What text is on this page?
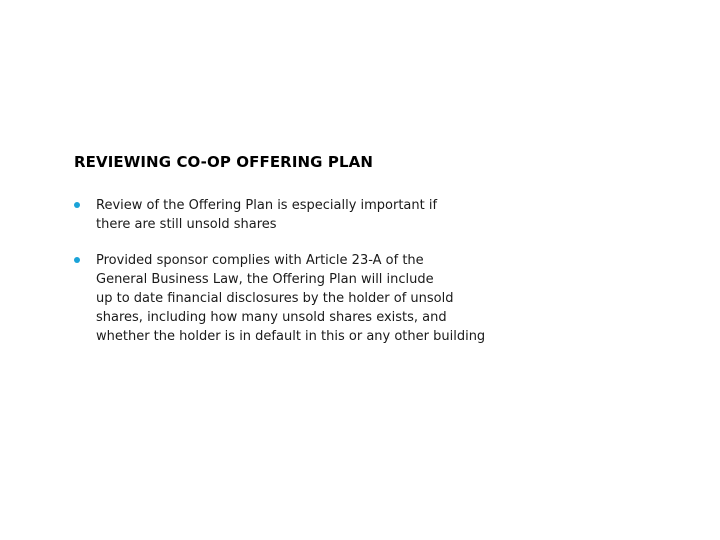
REVIEWING CO-OP OFFERING PLAN
Review of the Offering Plan is especially important if
there are still unsold shares
Provided sponsor complies with Article 23-A of the
General Business Law, the Offering Plan will include
up to date financial disclosures by the holder of unsold
shares, including how many unsold shares exists, and
whether the holder is in default in this or any other building
